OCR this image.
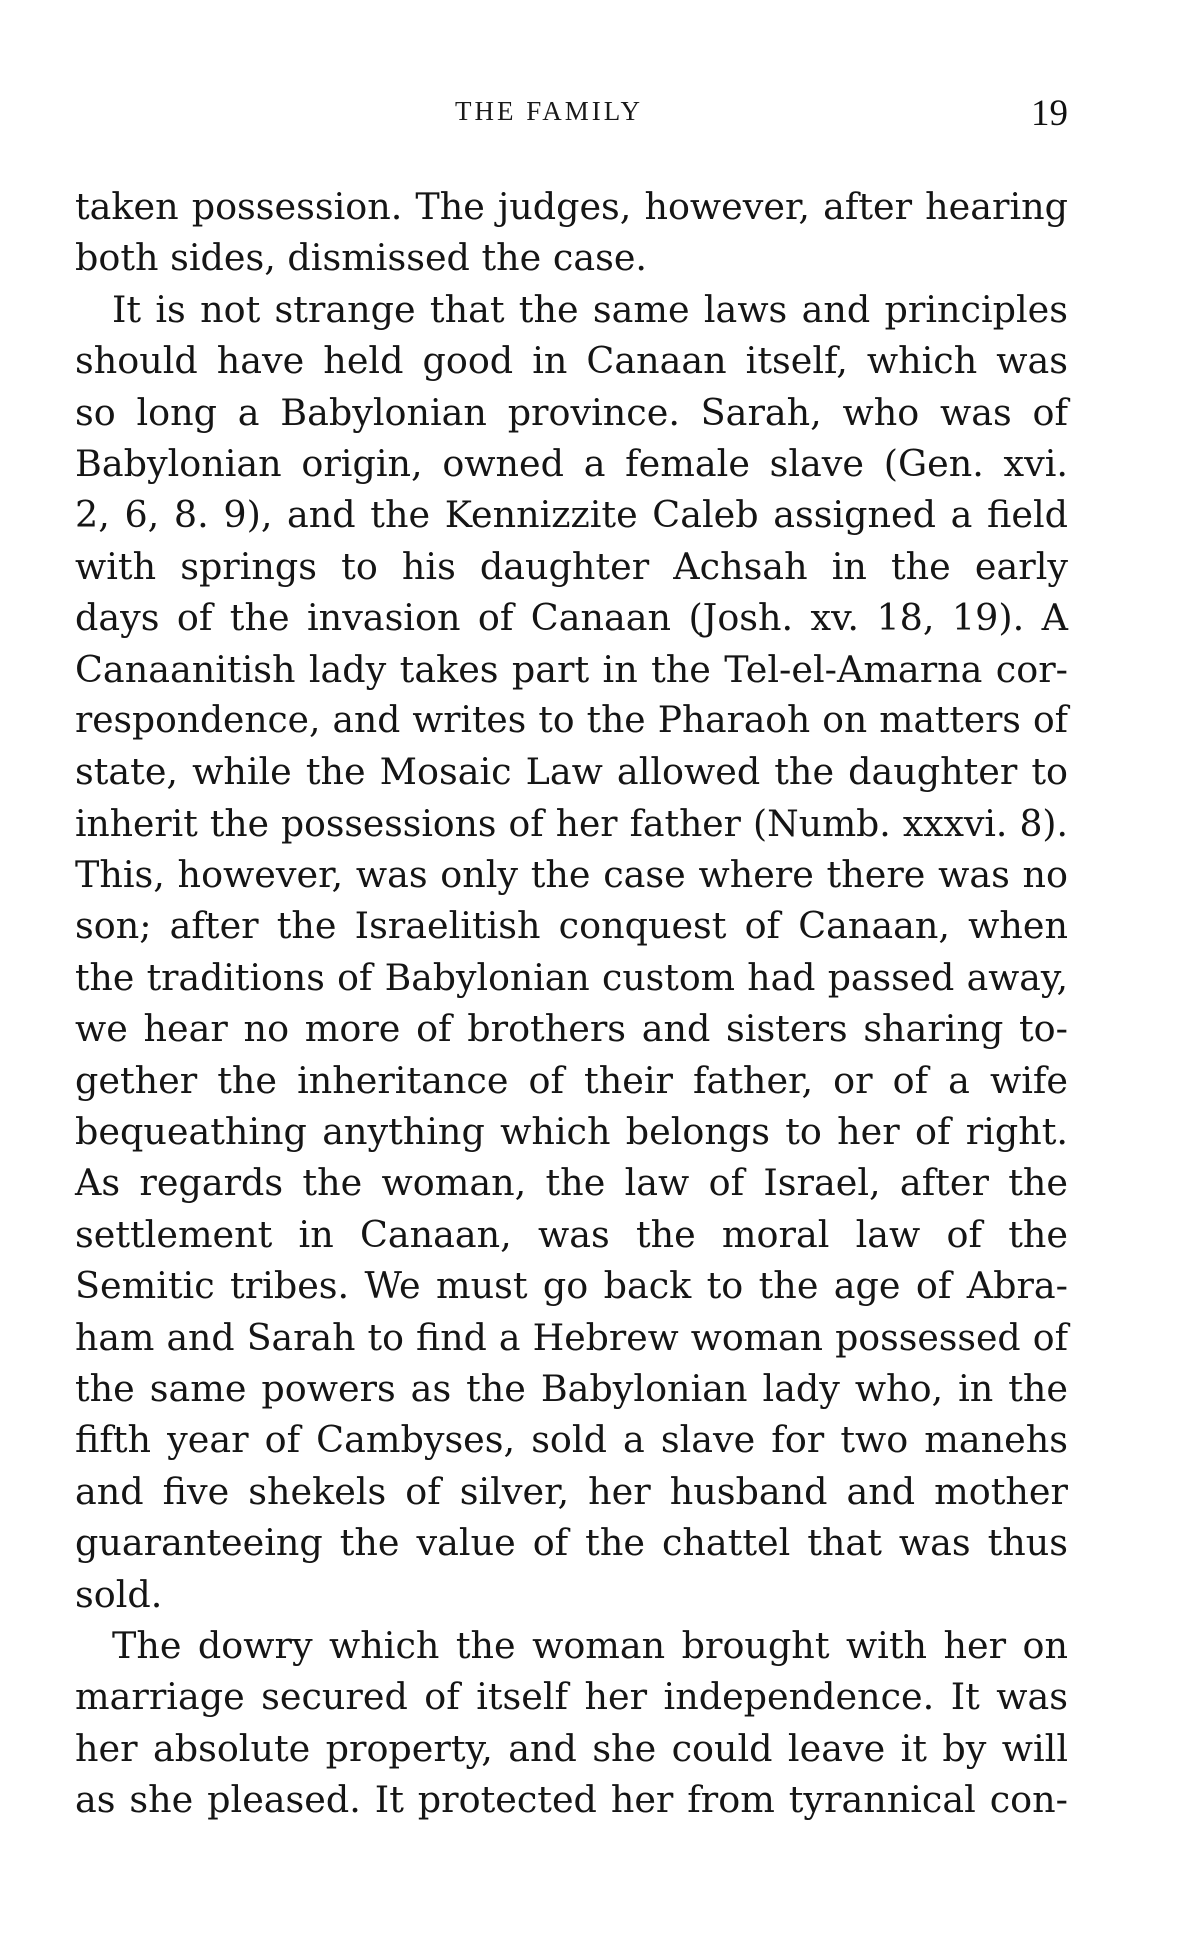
THE FAMILY	19
taken possession. The judges, however, after hearing
both sides, dismissed the case.
It is not strange that the same laws and principles
should have held good in Canaan itself, which was
so long a Babylonian province. Sarah, who was of
Babylonian origin, owned a female slave (Gen. xvi.
2, 6, 8. 9), and the Kennizzite Caleb assigned a field
with springs to his daughter Achsah in the early
days of the invasion of Canaan (Josh. xv. 18, 19). A
Canaanitish lady takes part in the Tel-el-Amarna cor-
respondence, and writes to the Pharaoh on matters of
state, while the Mosaic Law allowed the daughter to
inherit the possessions of her father (Numb. xxxvi. 8).
This, however, was only the case where there was no
son; after the Israelitish conquest of Canaan, when
the traditions of Babylonian custom had passed away,
we hear no more of brothers and sisters sharing to-
gether the inheritance of their father, or of a wife
bequeathing anything which belongs to her of right.
As regards the woman, the law of Israel, after the
settlement in Canaan, was the moral law of the
Semitic tribes. We must go back to the age of Abra-
ham and Sarah to find a Hebrew woman possessed of
the same powers as the Babylonian lady who, in the
fifth year of Cambyses, sold a slave for two manehs
and five shekels of silver, her husband and mother
guaranteeing the value of the chattel that was thus
sold.
The dowry which the woman brought with her on
marriage secured of itself her independence. It was
her absolute property, and she could leave it by will
as she pleased. It protected her from tyrannical con-
